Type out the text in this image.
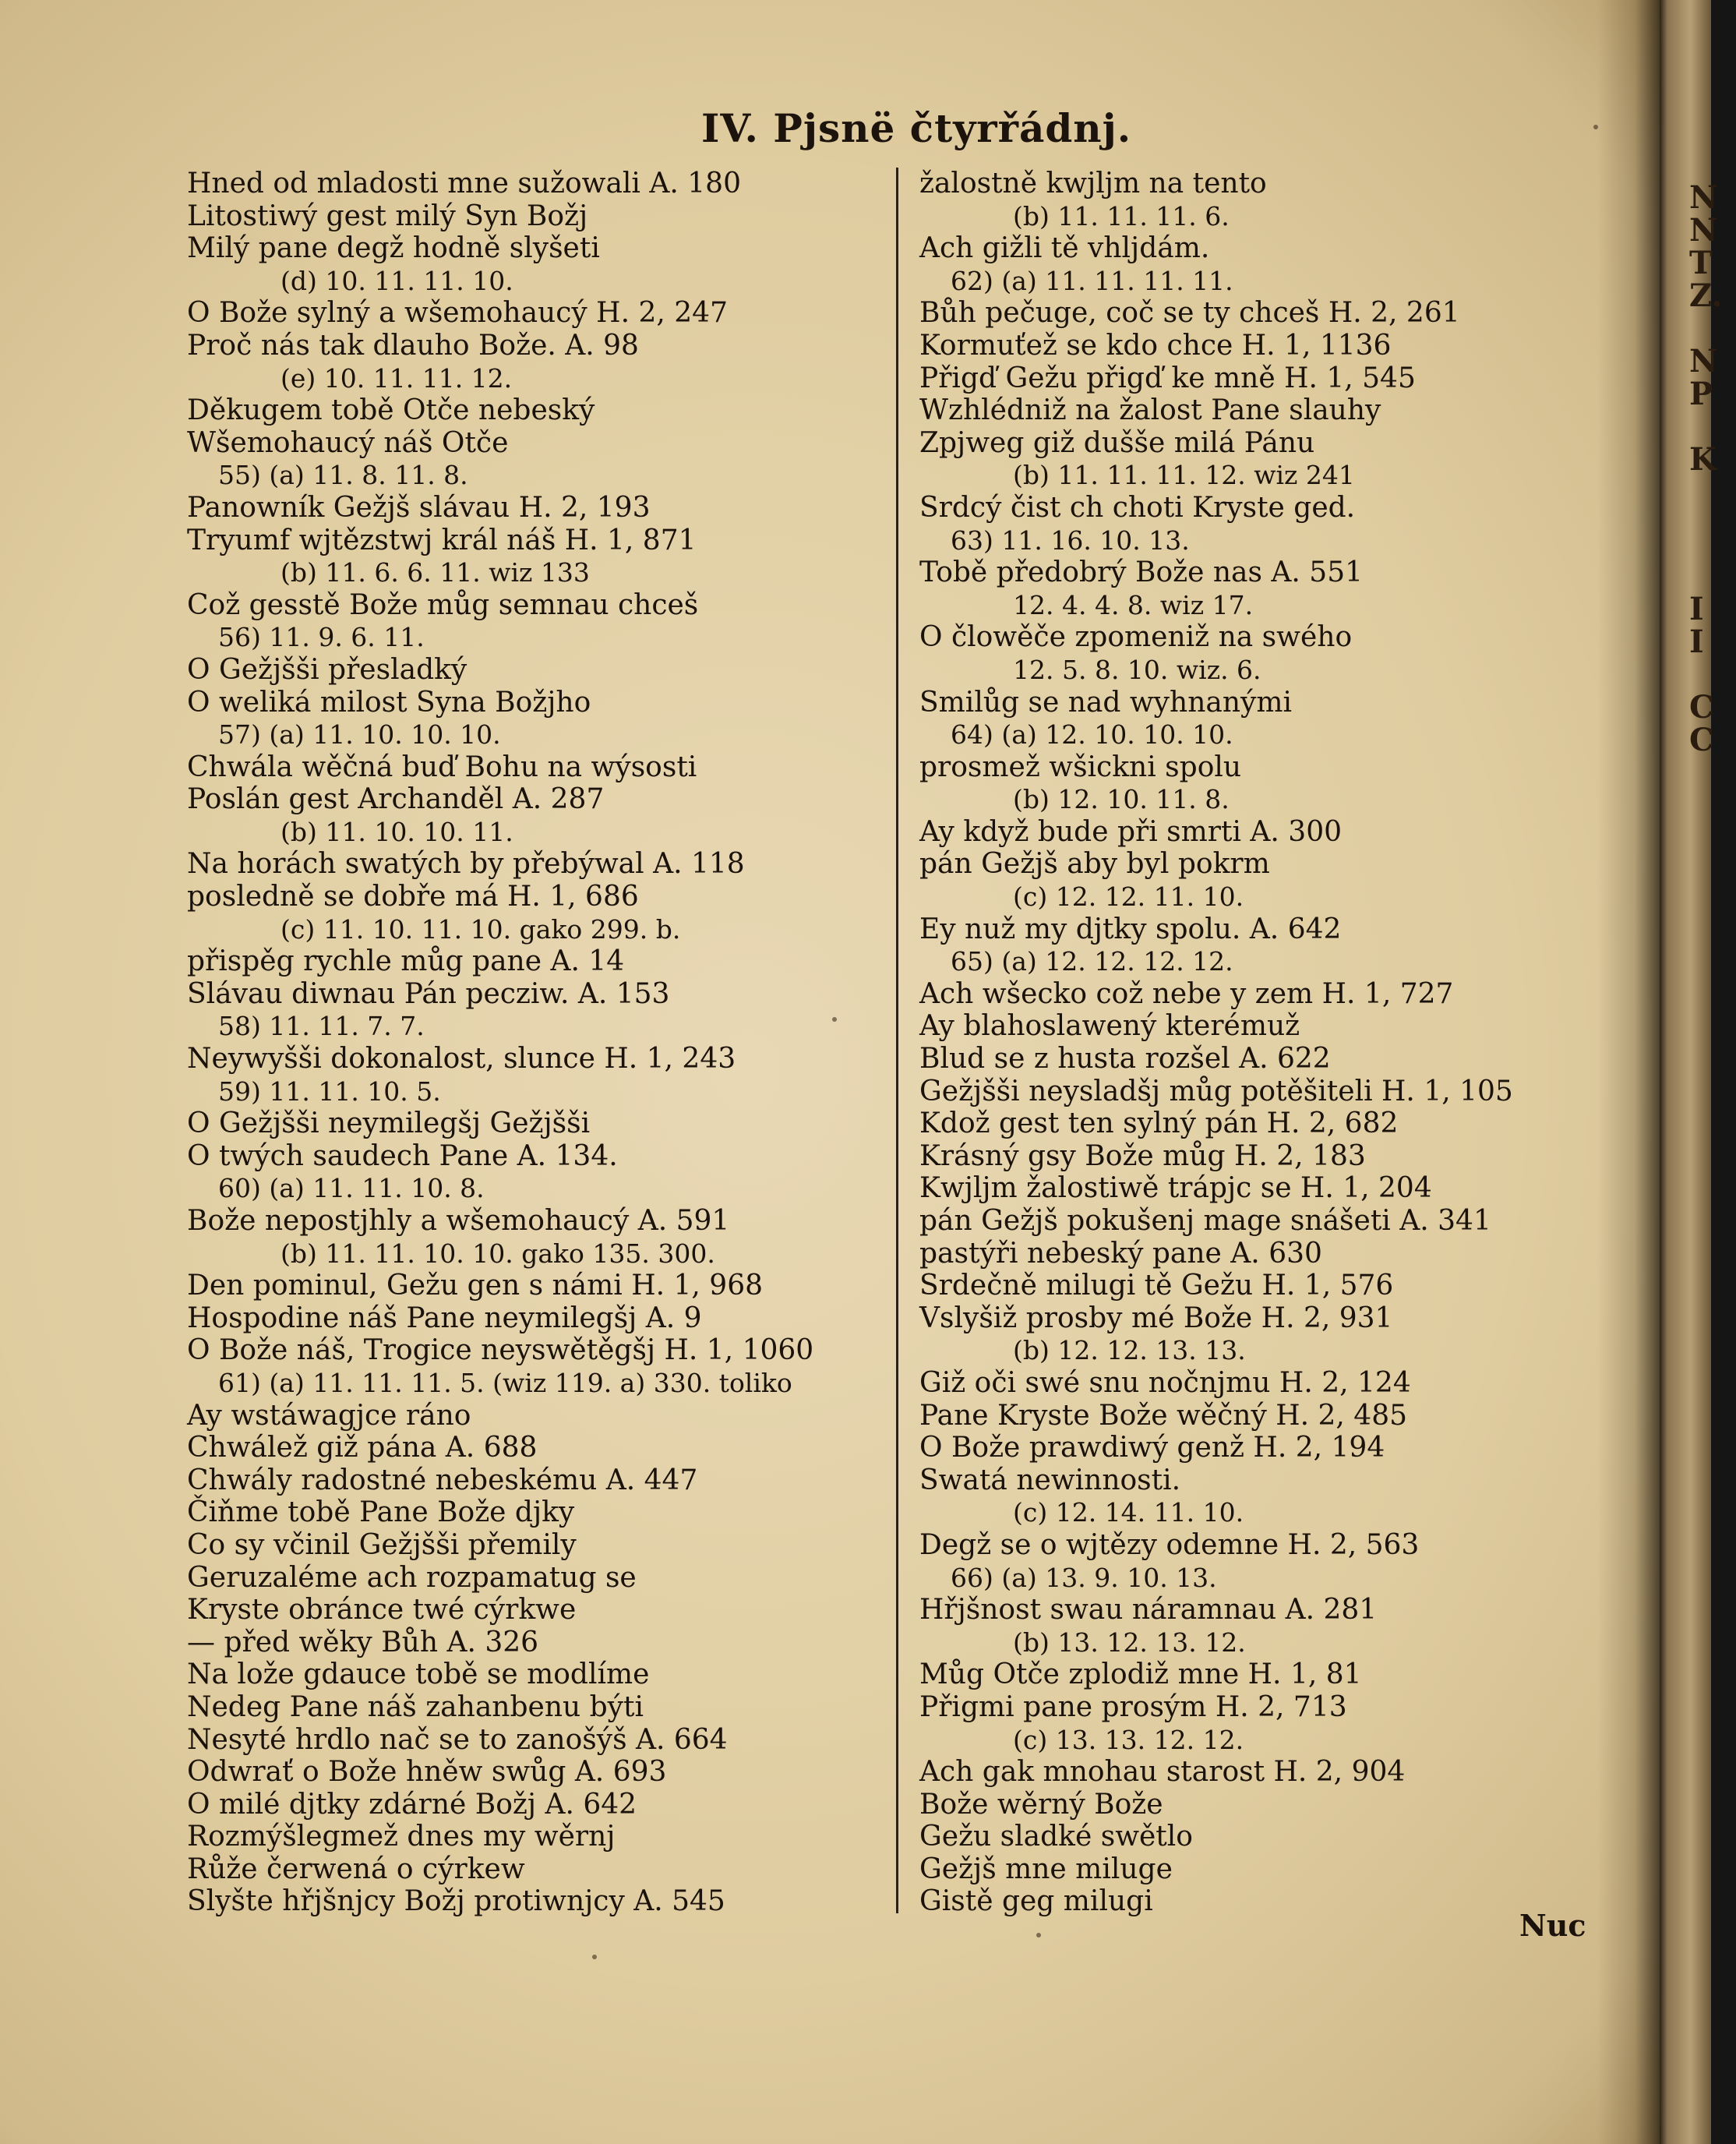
IV. Pjsnë čtyrřádnj.
Hned od mladosti mne sužowali A. 180
Litostiwý gest milý Syn Božj
Milý pane degž hodně slyšeti
(d) 10. 11. 11. 10.
O Bože sylný a wšemohaucý H. 2, 247
Proč nás tak dlauho Bože. A. 98
(e) 10. 11. 11. 12.
Děkugem tobě Otče nebeský
Wšemohaucý náš Otče
55) (a) 11. 8. 11. 8.
Panowník Gežjš slávau H. 2, 193
Tryumf wjtězstwj král náš H. 1, 871
(b) 11. 6. 6. 11. wiz 133
Což gesstě Bože můg semnau chceš
56) 11. 9. 6. 11.
O Gežjšši přesladký
O weliká milost Syna Božjho
57) (a) 11. 10. 10. 10.
Chwála wěčná buď Bohu na wýsosti
Poslán gest Archanděl A. 287
(b) 11. 10. 10. 11.
Na horách swatých by přebýwal A. 118
posledně se dobře má H. 1, 686
(c) 11. 10. 11. 10. gako 299. b.
přispěg rychle můg pane A. 14
Slávau diwnau Pán pecziw. A. 153
58) 11. 11. 7. 7.
Neywyšši dokonalost, slunce H. 1, 243
59) 11. 11. 10. 5.
O Gežjšši neymilegšj Gežjšši
O twých saudech Pane A. 134.
60) (a) 11. 11. 10. 8.
Bože nepostjhly a wšemohaucý A. 591
(b) 11. 11. 10. 10. gako 135. 300.
Den pominul, Gežu gen s námi H. 1, 968
Hospodine náš Pane neymilegšj A. 9
O Bože náš, Trogice neyswětěgšj H. 1, 1060
61) (a) 11. 11. 11. 5. (wiz 119. a) 330. toliko
Ay wstáwagjce ráno
Chwálež giž pána A. 688
Chwály radostné nebeskému A. 447
Čiňme tobě Pane Bože djky
Co sy včinil Gežjšši přemily
Geruzaléme ach rozpamatug se
Kryste obránce twé cýrkwe
— před wěky Bůh A. 326
Na lože gdauce tobě se modlíme
Nedeg Pane náš zahanbenu býti
Nesyté hrdlo nač se to zanošýš A. 664
Odwrať o Bože hněw swůg A. 693
O milé djtky zdárné Božj A. 642
Rozmýšlegmež dnes my wěrnj
Růže čerwená o cýrkew
Slyšte hřjšnjcy Božj protiwnjcy A. 545
žalostně kwjljm na tento
(b) 11. 11. 11. 6.
Ach gižli tě vhljdám.
62) (a) 11. 11. 11. 11.
Bůh pečuge, coč se ty chceš H. 2, 261
Kormuťež se kdo chce H. 1, 1136
Přigď Gežu přigď ke mně H. 1, 545
Wzhlédniž na žalost Pane slauhy
Zpjweg giž dušše milá Pánu
(b) 11. 11. 11. 12. wiz 241
Srdcý čist ch choti Kryste ged.
63) 11. 16. 10. 13.
Tobě předobrý Bože nas A. 551
12. 4. 4. 8. wiz 17.
O člowěče zpomeniž na swého
12. 5. 8. 10. wiz. 6.
Smilůg se nad wyhnanými
64) (a) 12. 10. 10. 10.
prosmež wšickni spolu
(b) 12. 10. 11. 8.
Ay když bude při smrti A. 300
pán Gežjš aby byl pokrm
(c) 12. 12. 11. 10.
Ey nuž my djtky spolu. A. 642
65) (a) 12. 12. 12. 12.
Ach wšecko což nebe y zem H. 1, 727
Ay blahoslawený kterémuž
Blud se z husta rozšel A. 622
Gežjšši neysladšj můg potěšiteli H. 1, 105
Kdož gest ten sylný pán H. 2, 682
Krásný gsy Bože můg H. 2, 183
Kwjljm žalostiwě trápjc se H. 1, 204
pán Gežjš pokušenj mage snášeti A. 341
pastýři nebeský pane A. 630
Srdečně milugi tě Gežu H. 1, 576
Vslyšiž prosby mé Bože H. 2, 931
(b) 12. 12. 13. 13.
Giž oči swé snu nočnjmu H. 2, 124
Pane Kryste Bože wěčný H. 2, 485
O Bože prawdiwý genž H. 2, 194
Swatá newinnosti.
(c) 12. 14. 11. 10.
Degž se o wjtězy odemne H. 2, 563
66) (a) 13. 9. 10. 13.
Hřjšnost swau náramnau A. 281
(b) 13. 12. 13. 12.
Můg Otče zplodiž mne H. 1, 81
Přigmi pane prosým H. 2, 713
(c) 13. 13. 12. 12.
Ach gak mnohau starost H. 2, 904
Bože wěrný Bože
Gežu sladké swětlo
Gežjš mne miluge
Gistě geg milugi
Nuc
N
N
T
Z.
N
P
K
I
I
C
C
